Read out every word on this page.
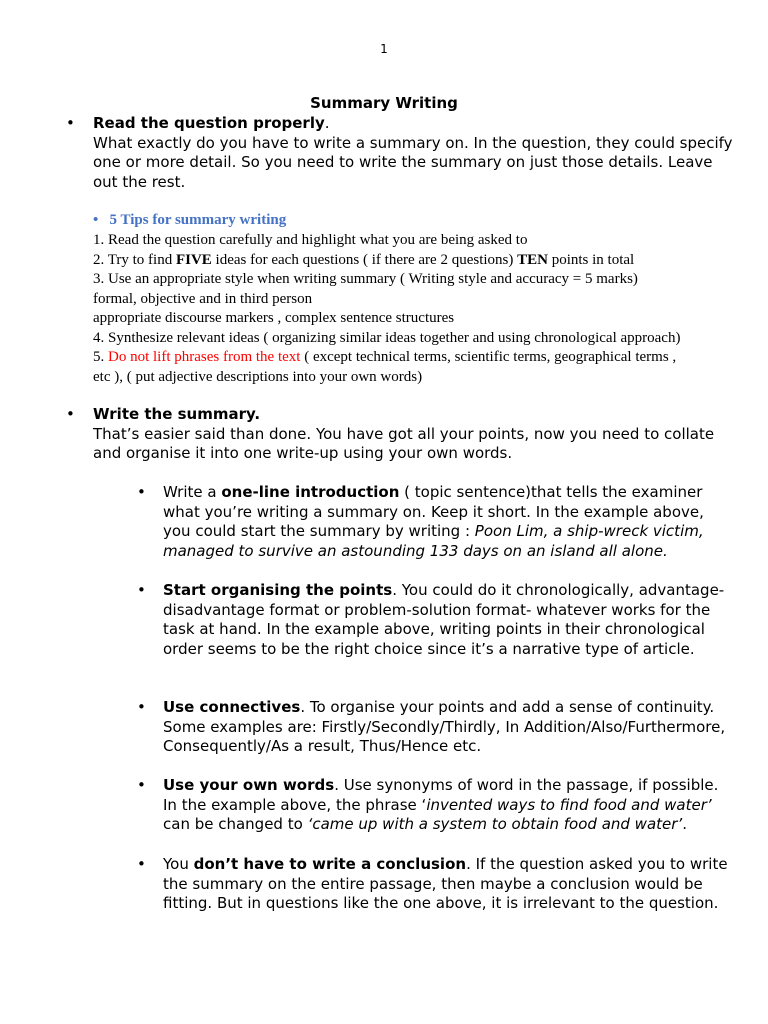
1
Summary Writing
• Read the question properly.
What exactly do you have to write a summary on. In the question, they could specify one or more detail. So you need to write the summary on just those details. Leave out the rest.
• 5 Tips for summary writing
1. Read the question carefully and highlight what you are being asked to
2. Try to find FIVE ideas for each questions ( if there are 2 questions) TEN points in total
3. Use an appropriate style when writing summary ( Writing style and accuracy = 5 marks)
formal, objective and in third person
appropriate discourse markers , complex sentence structures
4. Synthesize relevant ideas ( organizing similar ideas together and using chronological approach)
5. Do not lift phrases from the text ( except technical terms, scientific terms, geographical terms ,
etc ), ( put adjective descriptions into your own words)
• Write the summary.
That’s easier said than done. You have got all your points, now you need to collate and organise it into one write-up using your own words.
• Write a one-line introduction ( topic sentence)that tells the examiner what you’re writing a summary on. Keep it short. In the example above, you could start the summary by writing : Poon Lim, a ship-wreck victim, managed to survive an astounding 133 days on an island all alone.
• Start organising the points. You could do it chronologically, advantage-disadvantage format or problem-solution format- whatever works for the task at hand. In the example above, writing points in their chronological order seems to be the right choice since it’s a narrative type of article.
• Use connectives. To organise your points and add a sense of continuity. Some examples are: Firstly/Secondly/Thirdly, In Addition/Also/Furthermore, Consequently/As a result, Thus/Hence etc.
• Use your own words. Use synonyms of word in the passage, if possible. In the example above, the phrase ‘invented ways to find food and water’ can be changed to ‘came up with a system to obtain food and water’.
• You don’t have to write a conclusion. If the question asked you to write the summary on the entire passage, then maybe a conclusion would be fitting. But in questions like the one above, it is irrelevant to the question.
